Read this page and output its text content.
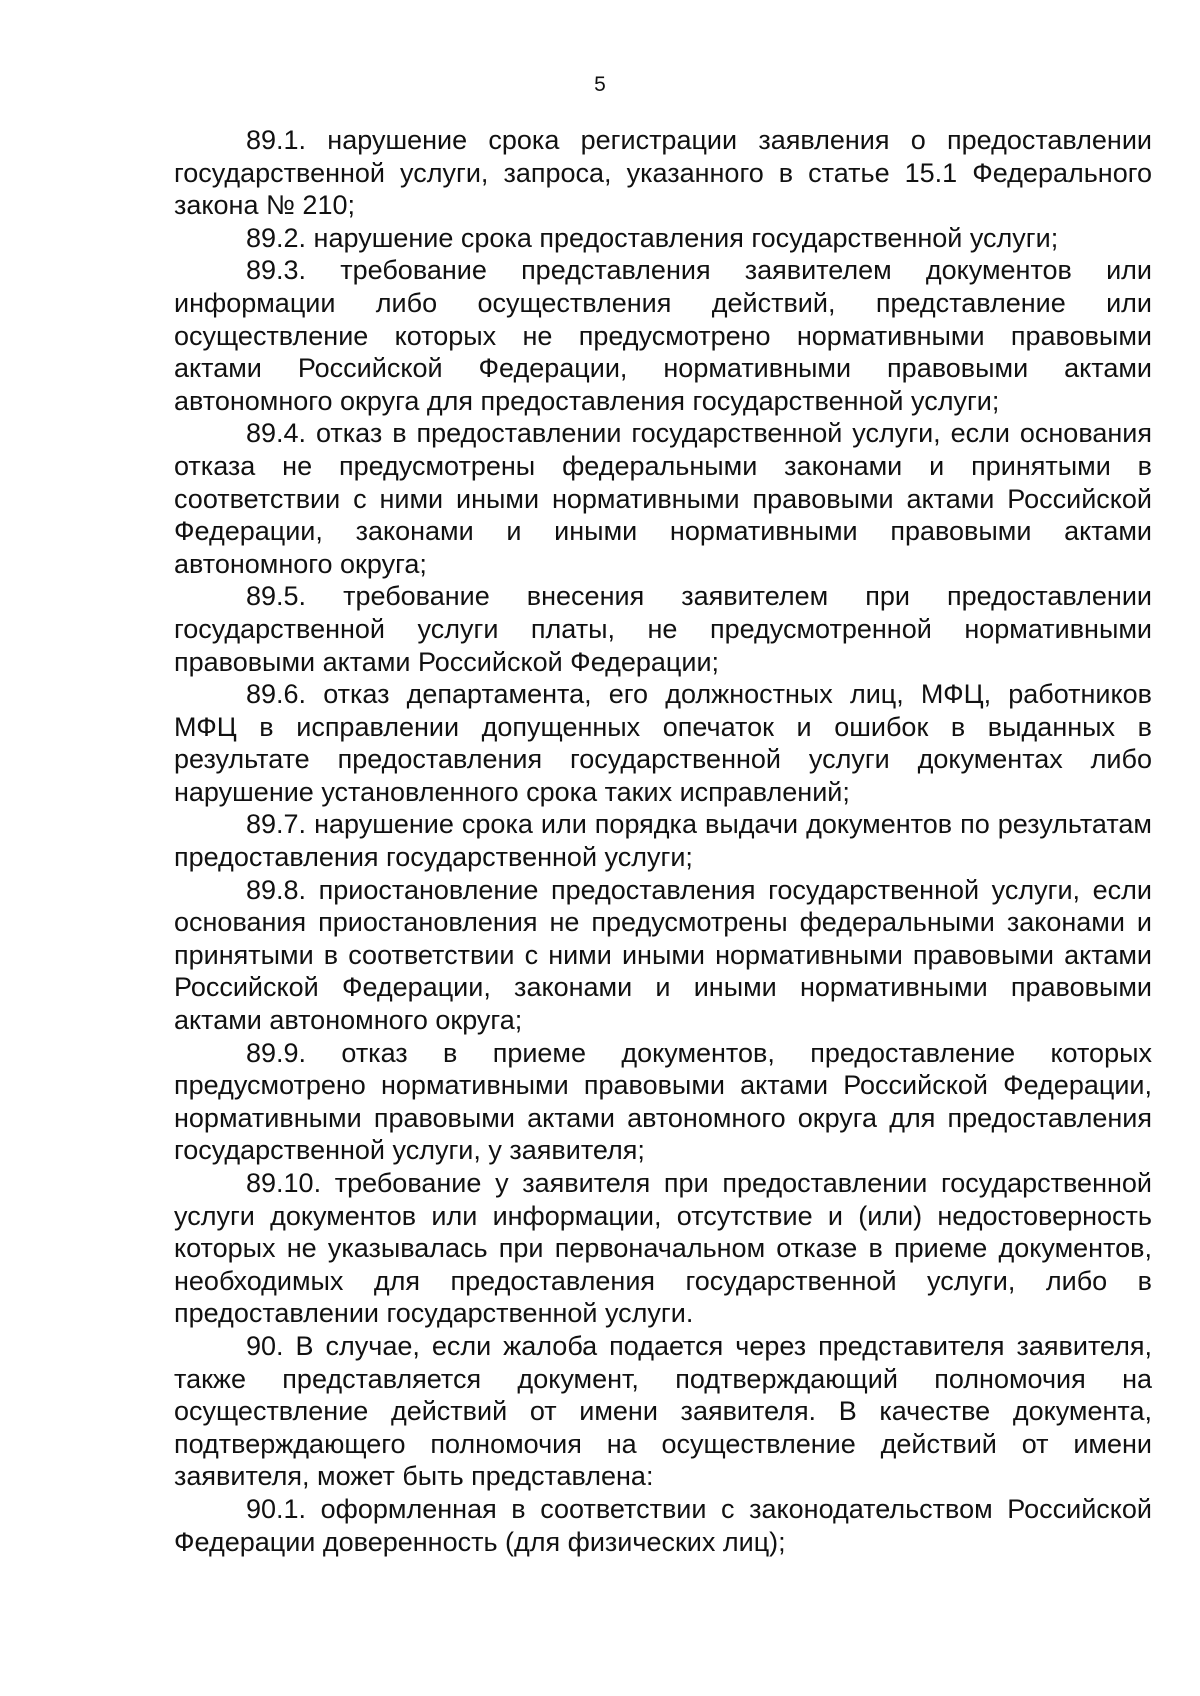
5

89.1. нарушение срока регистрации заявления о предоставлении государственной услуги, запроса, указанного в статье 15.1 Федерального закона № 210;

89.2. нарушение срока предоставления государственной услуги;

89.3. требование представления заявителем документов или информации либо осуществления действий, представление или осуществление которых не предусмотрено нормативными правовыми актами Российской Федерации, нормативными правовыми актами автономного округа для предоставления государственной услуги;

89.4. отказ в предоставлении государственной услуги, если основания отказа не предусмотрены федеральными законами и принятыми в соответствии с ними иными нормативными правовыми актами Российской Федерации, законами и иными нормативными правовыми актами автономного округа;

89.5. требование внесения заявителем при предоставлении государственной услуги платы, не предусмотренной нормативными правовыми актами Российской Федерации;

89.6. отказ департамента, его должностных лиц, МФЦ, работников МФЦ в исправлении допущенных опечаток и ошибок в выданных в результате предоставления государственной услуги документах либо нарушение установленного срока таких исправлений;

89.7. нарушение срока или порядка выдачи документов по результатам предоставления государственной услуги;

89.8. приостановление предоставления государственной услуги, если основания приостановления не предусмотрены федеральными законами и принятыми в соответствии с ними иными нормативными правовыми актами Российской Федерации, законами и иными нормативными правовыми актами автономного округа;

89.9. отказ в приеме документов, предоставление которых предусмотрено нормативными правовыми актами Российской Федерации, нормативными правовыми актами автономного округа для предоставления государственной услуги, у заявителя;

89.10. требование у заявителя при предоставлении государственной услуги документов или информации, отсутствие и (или) недостоверность которых не указывалась при первоначальном отказе в приеме документов, необходимых для предоставления государственной услуги, либо в предоставлении государственной услуги.

90. В случае, если жалоба подается через представителя заявителя, также представляется документ, подтверждающий полномочия на осуществление действий от имени заявителя. В качестве документа, подтверждающего полномочия на осуществление действий от имени заявителя, может быть представлена:

90.1. оформленная в соответствии с законодательством Российской Федерации доверенность (для физических лиц);
